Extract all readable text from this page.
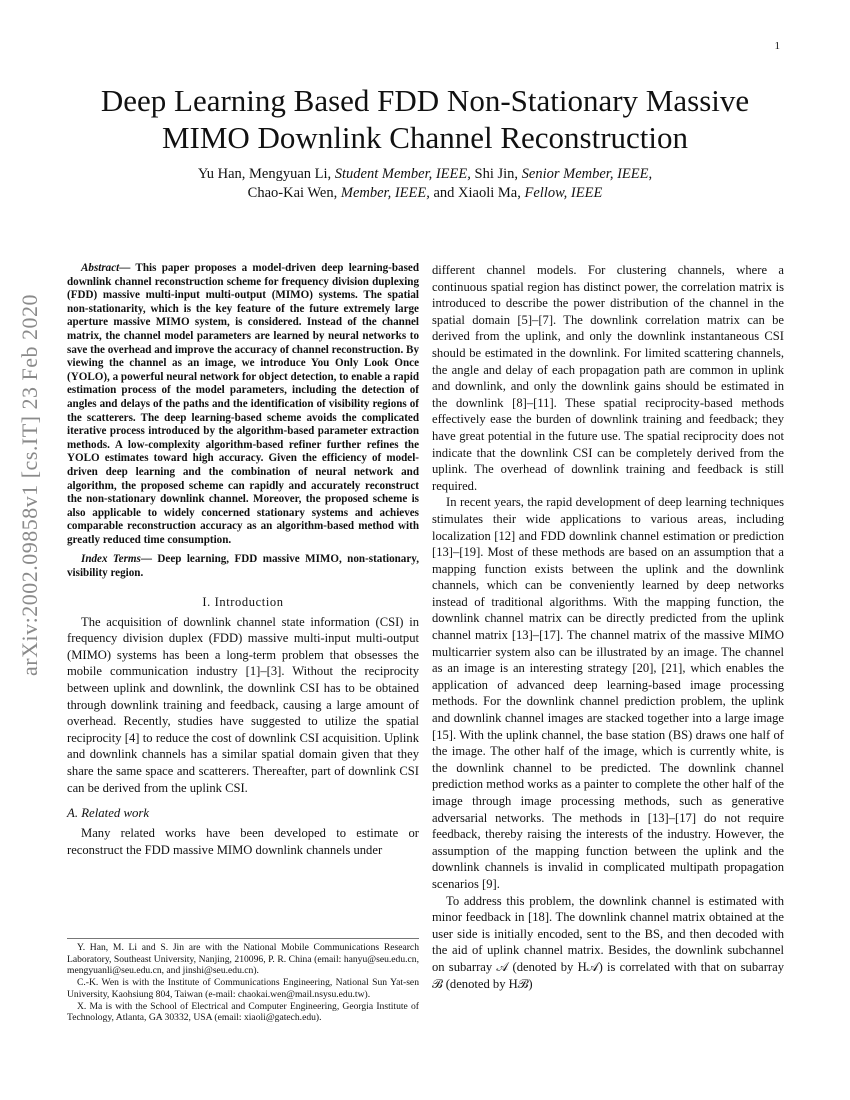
1
arXiv:2002.09858v1 [cs.IT] 23 Feb 2020
Deep Learning Based FDD Non-Stationary Massive MIMO Downlink Channel Reconstruction
Yu Han, Mengyuan Li, Student Member, IEEE, Shi Jin, Senior Member, IEEE,
Chao-Kai Wen, Member, IEEE, and Xiaoli Ma, Fellow, IEEE

Abstract— This paper proposes a model-driven deep learning-based downlink channel reconstruction scheme for frequency division duplexing (FDD) massive multi-input multi-output (MIMO) systems. The spatial non-stationarity, which is the key feature of the future extremely large aperture massive MIMO system, is considered. Instead of the channel matrix, the channel model parameters are learned by neural networks to save the overhead and improve the accuracy of channel reconstruction. By viewing the channel as an image, we introduce You Only Look Once (YOLO), a powerful neural network for object detection, to enable a rapid estimation process of the model parameters, including the detection of angles and delays of the paths and the identification of visibility regions of the scatterers. The deep learning-based scheme avoids the complicated iterative process introduced by the algorithm-based parameter extraction methods. A low-complexity algorithm-based refiner further refines the YOLO estimates toward high accuracy. Given the efficiency of model-driven deep learning and the combination of neural network and algorithm, the proposed scheme can rapidly and accurately reconstruct the non-stationary downlink channel. Moreover, the proposed scheme is also applicable to widely concerned stationary systems and achieves comparable reconstruction accuracy as an algorithm-based method with greatly reduced time consumption.

Index Terms— Deep learning, FDD massive MIMO, non-stationary, visibility region.

I. Introduction

The acquisition of downlink channel state information (CSI) in frequency division duplex (FDD) massive multi-input multi-output (MIMO) systems has been a long-term problem that obsesses the mobile communication industry [1]–[3]. Without the reciprocity between uplink and downlink, the downlink CSI has to be obtained through downlink training and feedback, causing a large amount of overhead. Recently, studies have suggested to utilize the spatial reciprocity [4] to reduce the cost of downlink CSI acquisition. Uplink and downlink channels has a similar spatial domain given that they share the same space and scatterers. Thereafter, part of downlink CSI can be derived from the uplink CSI.

A. Related work

Many related works have been developed to estimate or reconstruct the FDD massive MIMO downlink channels under

Y. Han, M. Li and S. Jin are with the National Mobile Communications Research Laboratory, Southeast University, Nanjing, 210096, P. R. China (email: hanyu@seu.edu.cn, mengyuanli@seu.edu.cn, and jinshi@seu.edu.cn).

C.-K. Wen is with the Institute of Communications Engineering, National Sun Yat-sen University, Kaohsiung 804, Taiwan (e-mail: chaokai.wen@mail.nsysu.edu.tw).

X. Ma is with the School of Electrical and Computer Engineering, Georgia Institute of Technology, Atlanta, GA 30332, USA (email: xiaoli@gatech.edu).

different channel models. For clustering channels, where a continuous spatial region has distinct power, the correlation matrix is introduced to describe the power distribution of the channel in the spatial domain [5]–[7]. The downlink correlation matrix can be derived from the uplink, and only the downlink instantaneous CSI should be estimated in the downlink. For limited scattering channels, the angle and delay of each propagation path are common in uplink and downlink, and only the downlink gains should be estimated in the downlink [8]–[11]. These spatial reciprocity-based methods effectively ease the burden of downlink training and feedback; they have great potential in the future use. The spatial reciprocity does not indicate that the downlink CSI can be completely derived from the uplink. The overhead of downlink training and feedback is still required.

In recent years, the rapid development of deep learning techniques stimulates their wide applications to various areas, including localization [12] and FDD downlink channel estimation or prediction [13]–[19]. Most of these methods are based on an assumption that a mapping function exists between the uplink and the downlink channels, which can be conveniently learned by deep networks instead of traditional algorithms. With the mapping function, the downlink channel matrix can be directly predicted from the uplink channel matrix [13]–[17]. The channel matrix of the massive MIMO multicarrier system also can be illustrated by an image. The channel as an image is an interesting strategy [20], [21], which enables the application of advanced deep learning-based image processing methods. For the downlink channel prediction problem, the uplink and downlink channel images are stacked together into a large image [15]. With the uplink channel, the base station (BS) draws one half of the image. The other half of the image, which is currently white, is the downlink channel to be predicted. The downlink channel prediction method works as a painter to complete the other half of the image through image processing methods, such as generative adversarial networks. The methods in [13]–[17] do not require feedback, thereby raising the interests of the industry. However, the assumption of the mapping function between the uplink and the downlink channels is invalid in complicated multipath propagation scenarios [9].

To address this problem, the downlink channel is estimated with minor feedback in [18]. The downlink channel matrix obtained at the user side is initially encoded, sent to the BS, and then decoded with the aid of uplink channel matrix. Besides, the downlink subchannel on subarray 𝒜 (denoted by H𝒜) is correlated with that on subarray ℬ (denoted by Hℬ)
